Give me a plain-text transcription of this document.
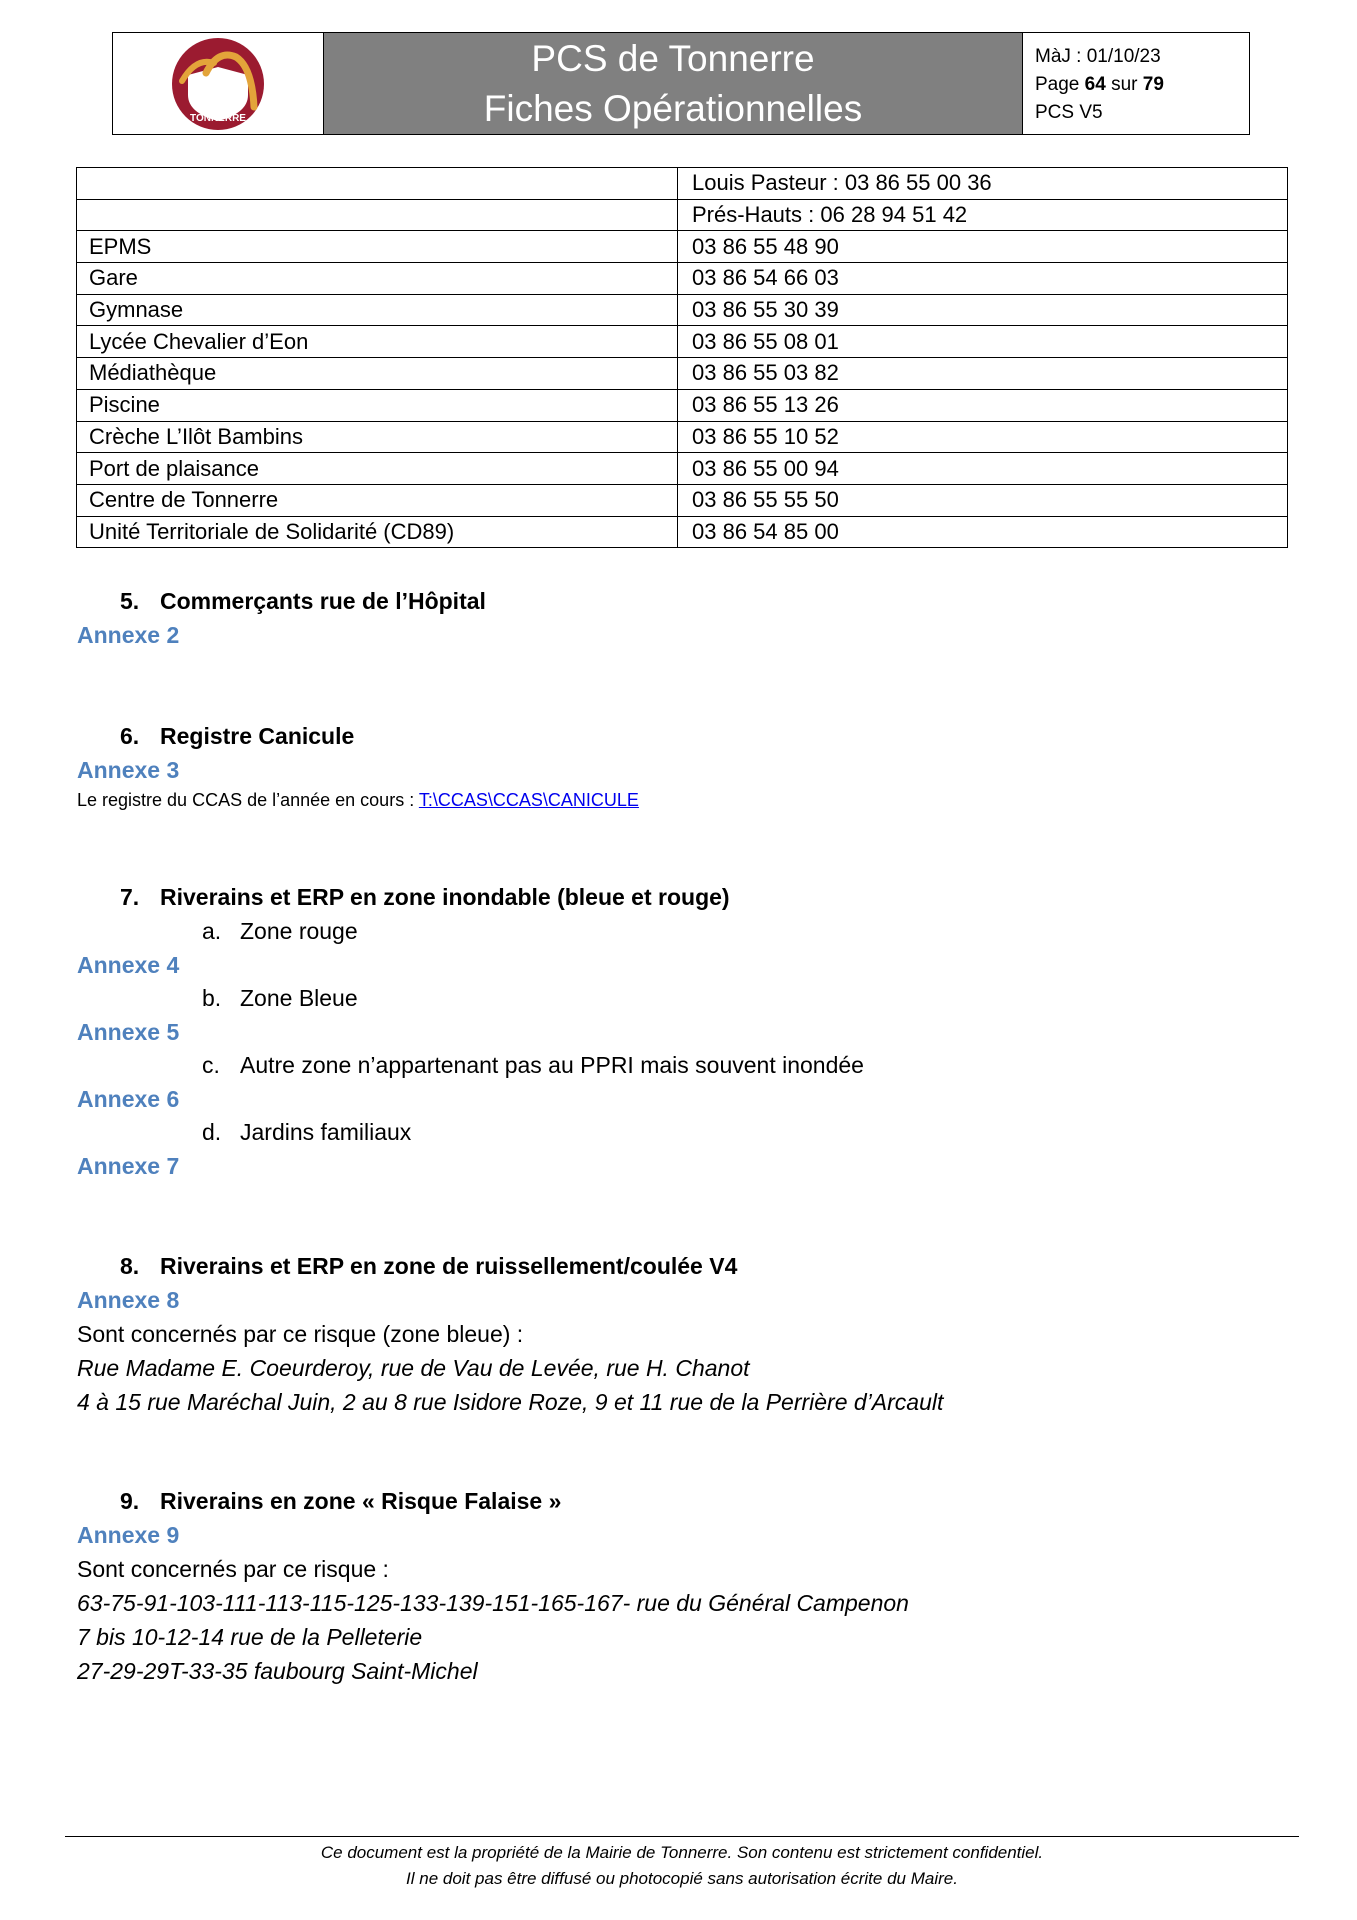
TONNERRE
PCS de Tonnerre
Fiches Opérationnelles
MàJ : 01/10/23
Page 64 sur 79
PCS V5
	Louis Pasteur : 03 86 55 00 36
	Prés-Hauts : 06 28 94 51 42
EPMS	03 86 55 48 90
Gare	03 86 54 66 03
Gymnase	03 86 55 30 39
Lycée Chevalier d’Eon	03 86 55 08 01
Médiathèque	03 86 55 03 82
Piscine	03 86 55 13 26
Crèche L’Ilôt Bambins	03 86 55 10 52
Port de plaisance	03 86 55 00 94
Centre de Tonnerre	03 86 55 55 50
Unité Territoriale de Solidarité (CD89)	03 86 54 85 00
5. Commerçants rue de l’Hôpital
Annexe 2
6. Registre Canicule
Annexe 3
Le registre du CCAS de l’année en cours : T:\CCAS\CCAS\CANICULE
7. Riverains et ERP en zone inondable (bleue et rouge)
a. Zone rouge
Annexe 4
b. Zone Bleue
Annexe 5
c. Autre zone n’appartenant pas au PPRI mais souvent inondée
Annexe 6
d. Jardins familiaux
Annexe 7
8. Riverains et ERP en zone de ruissellement/coulée V4
Annexe 8
Sont concernés par ce risque (zone bleue) :
Rue Madame E. Coeurderoy, rue de Vau de Levée, rue H. Chanot
4 à 15 rue Maréchal Juin, 2 au 8 rue Isidore Roze, 9 et 11 rue de la Perrière d’Arcault
9. Riverains en zone « Risque Falaise »
Annexe 9
Sont concernés par ce risque :
63-75-91-103-111-113-115-125-133-139-151-165-167- rue du Général Campenon
7 bis 10-12-14 rue de la Pelleterie
27-29-29T-33-35 faubourg Saint-Michel
Ce document est la propriété de la Mairie de Tonnerre. Son contenu est strictement confidentiel.
Il ne doit pas être diffusé ou photocopié sans autorisation écrite du Maire.
